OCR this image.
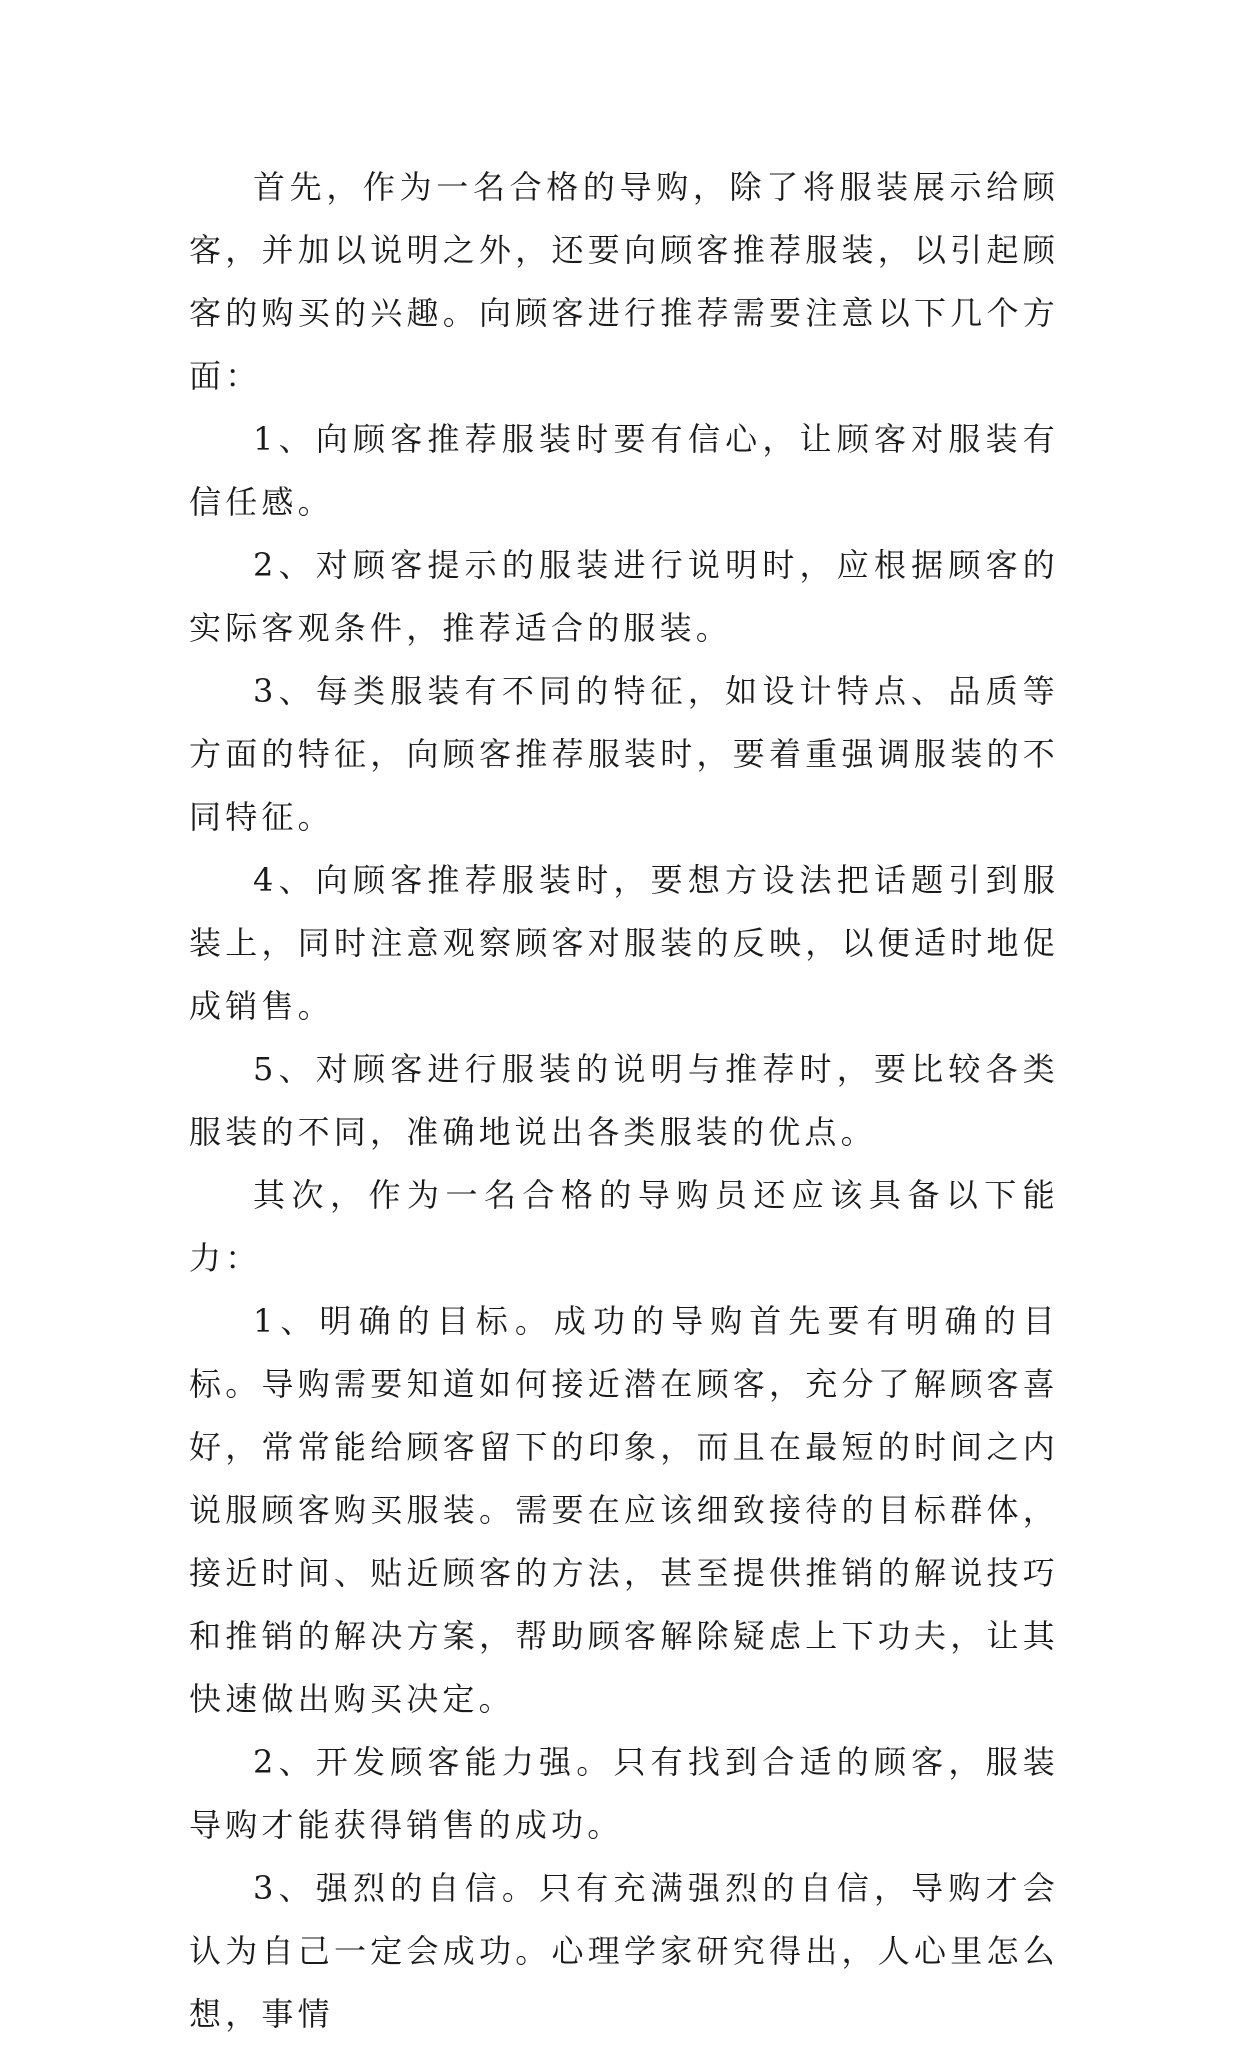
首先，作为一名合格的导购，除了将服装展示给顾客，并加以说明之外，还要向顾客推荐服装，以引起顾客的购买的兴趣。向顾客进行推荐需要注意以下几个方面：

1、向顾客推荐服装时要有信心，让顾客对服装有信任感。

2、对顾客提示的服装进行说明时，应根据顾客的实际客观条件，推荐适合的服装。

3、每类服装有不同的特征，如设计特点、品质等方面的特征，向顾客推荐服装时，要着重强调服装的不同特征。

4、向顾客推荐服装时，要想方设法把话题引到服装上，同时注意观察顾客对服装的反映，以便适时地促成销售。

5、对顾客进行服装的说明与推荐时，要比较各类服装的不同，准确地说出各类服装的优点。

其次，作为一名合格的导购员还应该具备以下能力：

1、明确的目标。成功的导购首先要有明确的目标。导购需要知道如何接近潜在顾客，充分了解顾客喜好，常常能给顾客留下的印象，而且在最短的时间之内说服顾客购买服装。需要在应该细致接待的目标群体，接近时间、贴近顾客的方法，甚至提供推销的解说技巧和推销的解决方案，帮助顾客解除疑虑上下功夫，让其快速做出购买决定。

2、开发顾客能力强。只有找到合适的顾客，服装导购才能获得销售的成功。

3、强烈的自信。只有充满强烈的自信，导购才会认为自己一定会成功。心理学家研究得出，人心里怎么想，事情
